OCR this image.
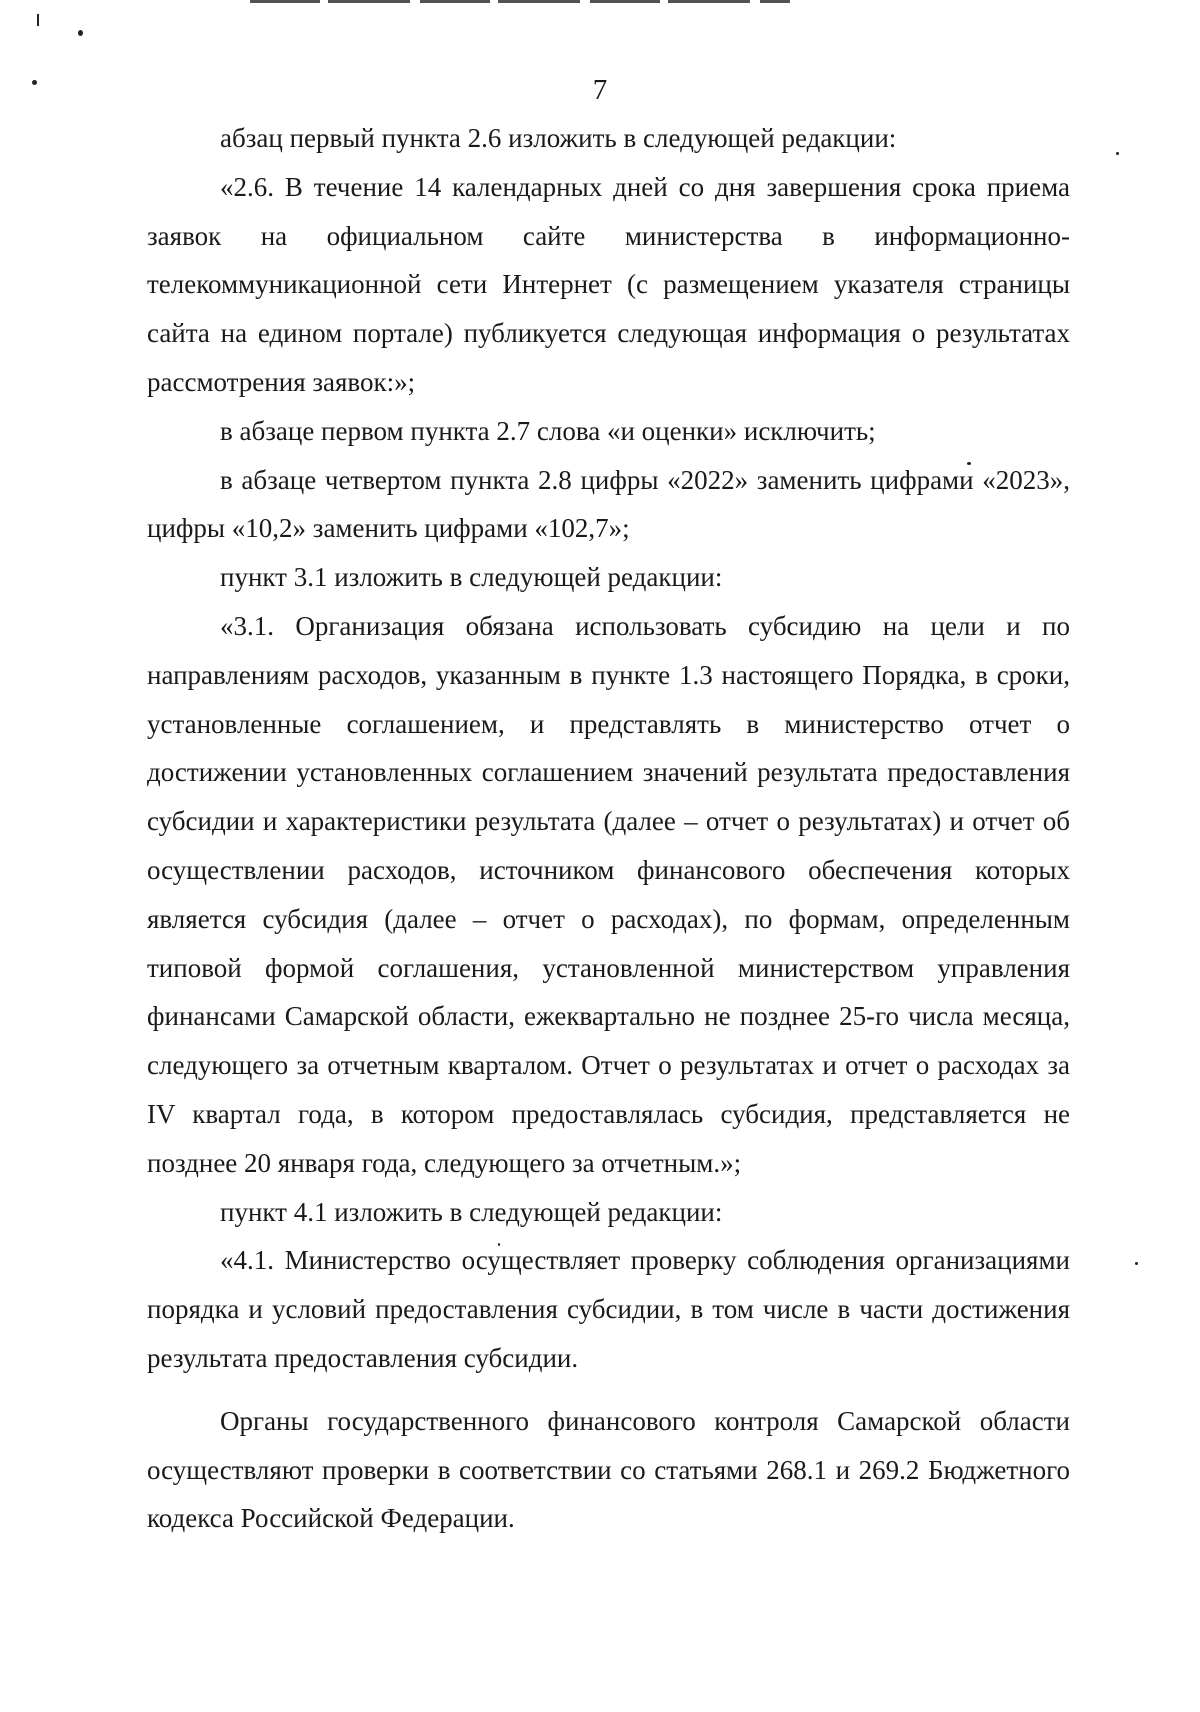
7

абзац первый пункта 2.6 изложить в следующей редакции:

«2.6. В течение 14 календарных дней со дня завершения срока приема заявок на официальном сайте министерства в информационно-телекоммуникационной сети Интернет (с размещением указателя страницы сайта на едином портале) публикуется следующая информация о результатах рассмотрения заявок:»;

в абзаце первом пункта 2.7 слова «и оценки» исключить;

в абзаце четвертом пункта 2.8 цифры «2022» заменить цифрами «2023», цифры «10,2» заменить цифрами «102,7»;

пункт 3.1 изложить в следующей редакции:

«3.1. Организация обязана использовать субсидию на цели и по направлениям расходов, указанным в пункте 1.3 настоящего Порядка, в сроки, установленные соглашением, и представлять в министерство отчет о достижении установленных соглашением значений результата предоставления субсидии и характеристики результата (далее – отчет о результатах) и отчет об осуществлении расходов, источником финансового обеспечения которых является субсидия (далее – отчет о расходах), по формам, определенным типовой формой соглашения, установленной министерством управления финансами Самарской области, ежеквартально не позднее 25-го числа месяца, следующего за отчетным кварталом. Отчет о результатах и отчет о расходах за IV квартал года, в котором предоставлялась субсидия, представляется не позднее 20 января года, следующего за отчетным.»;

пункт 4.1 изложить в следующей редакции:

«4.1. Министерство осуществляет проверку соблюдения организациями порядка и условий предоставления субсидии, в том числе в части достижения результата предоставления субсидии.

Органы государственного финансового контроля Самарской области осуществляют проверки в соответствии со статьями 268.1 и 269.2 Бюджетного кодекса Российской Федерации.
